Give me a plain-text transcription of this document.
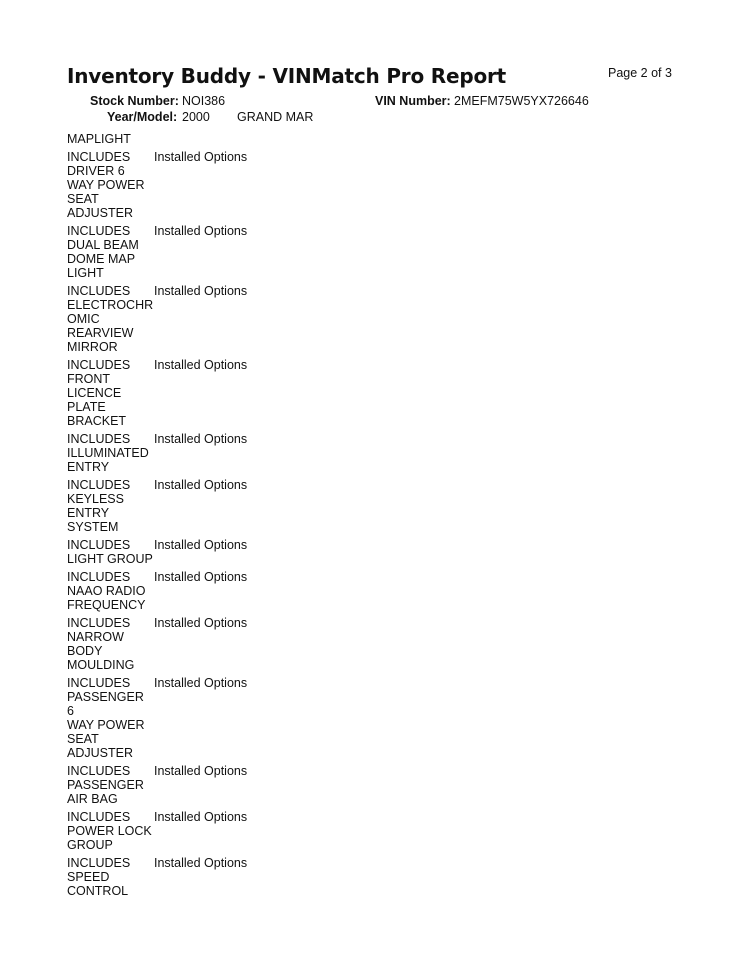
Inventory Buddy - VINMatch Pro Report	Page 2 of 3
Stock Number: NOI386	VIN Number: 2MEFM75W5YX726646
Year/Model: 2000 GRAND MAR
MAPLIGHT
INCLUDES
DRIVER 6
WAY POWER
SEAT
ADJUSTER
Installed Options
INCLUDES
DUAL BEAM
DOME MAP
LIGHT
Installed Options
INCLUDES
ELECTROCHR
OMIC
REARVIEW
MIRROR
Installed Options
INCLUDES
FRONT
LICENCE
PLATE
BRACKET
Installed Options
INCLUDES
ILLUMINATED
ENTRY
Installed Options
INCLUDES
KEYLESS
ENTRY
SYSTEM
Installed Options
INCLUDES
LIGHT GROUP
Installed Options
INCLUDES
NAAO RADIO
FREQUENCY
Installed Options
INCLUDES
NARROW
BODY
MOULDING
Installed Options
INCLUDES
PASSENGER 6
WAY POWER
SEAT
ADJUSTER
Installed Options
INCLUDES
PASSENGER
AIR BAG
Installed Options
INCLUDES
POWER LOCK
GROUP
Installed Options
INCLUDES
SPEED
CONTROL
Installed Options
